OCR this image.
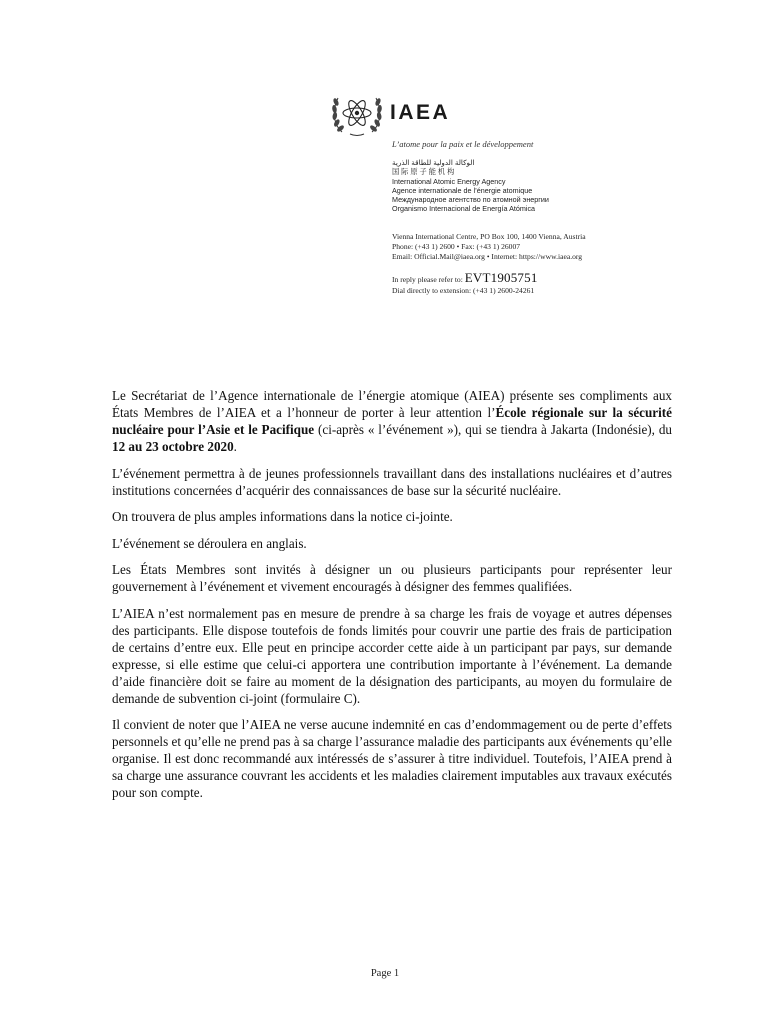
IAEA

L’atome pour la paix et le développement

الوكالة الدولية للطاقة الذرية
国 际 原 子 能 机 构
International Atomic Energy Agency
Agence internationale de l’énergie atomique
Международное агентство по атомной энергии
Organismo Internacional de Energía Atómica
Vienna International Centre, PO Box 100, 1400 Vienna, Austria
Phone: (+43 1) 2600 • Fax: (+43 1) 26007
Email: Official.Mail@iaea.org • Internet: https://www.iaea.org
In reply please refer to: EVT1905751
Dial directly to extension: (+43 1) 2600-24261

Le Secrétariat de l’Agence internationale de l’énergie atomique (AIEA) présente ses compliments aux États Membres de l’AIEA et a l’honneur de porter à leur attention l’École régionale sur la sécurité nucléaire pour l’Asie et le Pacifique (ci-après « l’événement »), qui se tiendra à Jakarta (Indonésie), du 12 au 23 octobre 2020.

L’événement permettra à de jeunes professionnels travaillant dans des installations nucléaires et d’autres institutions concernées d’acquérir des connaissances de base sur la sécurité nucléaire.

On trouvera de plus amples informations dans la notice ci-jointe.

L’événement se déroulera en anglais.

Les États Membres sont invités à désigner un ou plusieurs participants pour représenter leur gouvernement à l’événement et vivement encouragés à désigner des femmes qualifiées.

L’AIEA n’est normalement pas en mesure de prendre à sa charge les frais de voyage et autres dépenses des participants. Elle dispose toutefois de fonds limités pour couvrir une partie des frais de participation de certains d’entre eux. Elle peut en principe accorder cette aide à un participant par pays, sur demande expresse, si elle estime que celui-ci apportera une contribution importante à l’événement. La demande d’aide financière doit se faire au moment de la désignation des participants, au moyen du formulaire de demande de subvention ci-joint (formulaire C).

Il convient de noter que l’AIEA ne verse aucune indemnité en cas d’endommagement ou de perte d’effets personnels et qu’elle ne prend pas à sa charge l’assurance maladie des participants aux événements qu’elle organise. Il est donc recommandé aux intéressés de s’assurer à titre individuel. Toutefois, l’AIEA prend à sa charge une assurance couvrant les accidents et les maladies clairement imputables aux travaux exécutés pour son compte.

Page 1
